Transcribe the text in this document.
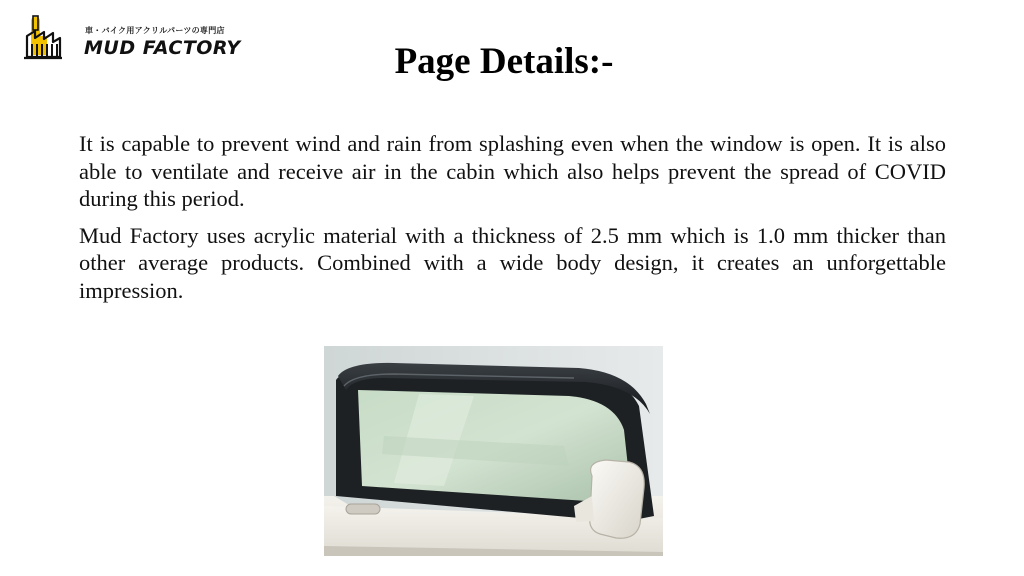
車・バイク用アクリルパーツの専門店
MUD FACTORY	Page Details:-

It is capable to prevent wind and rain from splashing even when the window is open. It is also able to ventilate and receive air in the cabin which also helps prevent the spread of COVID during this period.

Mud Factory uses acrylic material with a thickness of 2.5 mm which is 1.0 mm thicker than other average products. Combined with a wide body design, it creates an unforgettable impression.
